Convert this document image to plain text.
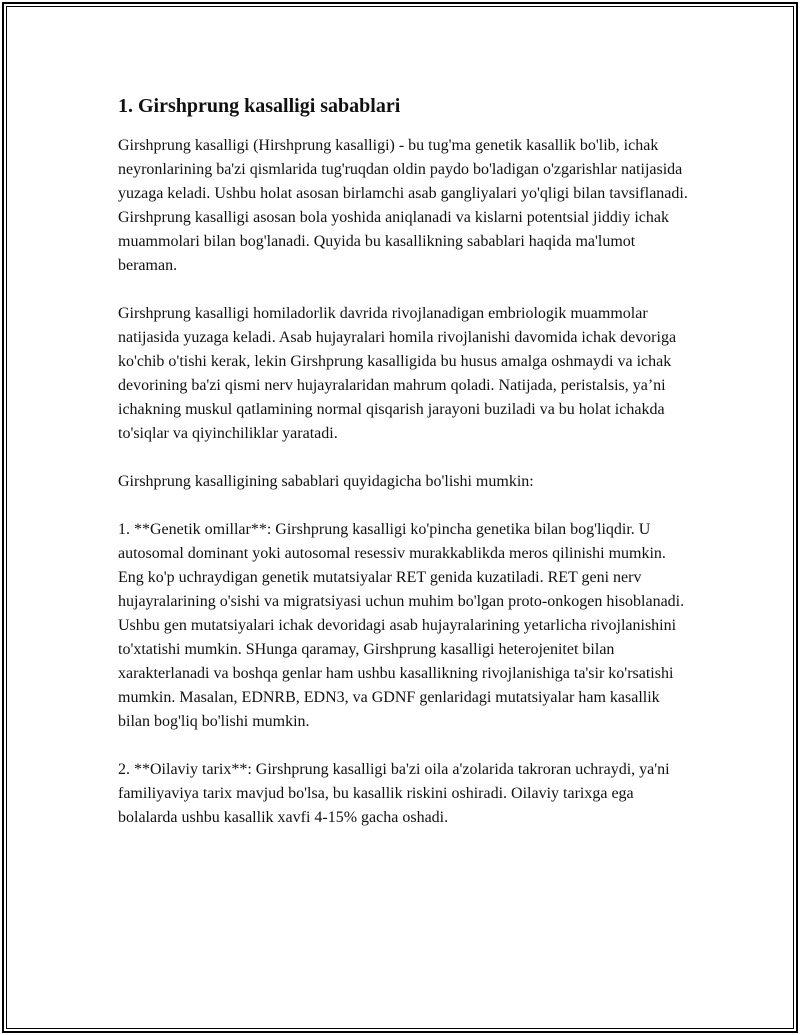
1. Girshprung kasalligi sabablari

Girshprung kasalligi (Hirshprung kasalligi) - bu tug'ma genetik kasallik bo'lib, ichak neyronlarining ba'zi qismlarida tug'ruqdan oldin paydo bo'ladigan o'zgarishlar natijasida yuzaga keladi. Ushbu holat asosan birlamchi asab gangliyalari yo'qligi bilan tavsiflanadi. Girshprung kasalligi asosan bola yoshida aniqlanadi va kislarni potentsial jiddiy ichak muammolari bilan bog'lanadi. Quyida bu kasallikning sabablari haqida ma'lumot beraman.

Girshprung kasalligi homiladorlik davrida rivojlanadigan embriologik muammolar natijasida yuzaga keladi. Asab hujayralari homila rivojlanishi davomida ichak devoriga ko'chib o'tishi kerak, lekin Girshprung kasalligida bu husus amalga oshmaydi va ichak devorining ba'zi qismi nerv hujayralaridan mahrum qoladi. Natijada, peristalsis, ya’ni ichakning muskul qatlamining normal qisqarish jarayoni buziladi va bu holat ichakda to'siqlar va qiyinchiliklar yaratadi.

Girshprung kasalligining sabablari quyidagicha bo'lishi mumkin:

1. **Genetik omillar**: Girshprung kasalligi ko'pincha genetika bilan bog'liqdir. U autosomal dominant yoki autosomal resessiv murakkablikda meros qilinishi mumkin. Eng ko'p uchraydigan genetik mutatsiyalar RET genida kuzatiladi. RET geni nerv hujayralarining o'sishi va migratsiyasi uchun muhim bo'lgan proto-onkogen hisoblanadi. Ushbu gen mutatsiyalari ichak devoridagi asab hujayralarining yetarlicha rivojlanishini to'xtatishi mumkin. SHunga qaramay, Girshprung kasalligi heterojenitet bilan xarakterlanadi va boshqa genlar ham ushbu kasallikning rivojlanishiga ta'sir ko'rsatishi mumkin. Masalan, EDNRB, EDN3, va GDNF genlaridagi mutatsiyalar ham kasallik bilan bog'liq bo'lishi mumkin.

2. **Oilaviy tarix**: Girshprung kasalligi ba'zi oila a'zolarida takroran uchraydi, ya'ni familiyaviya tarix mavjud bo'lsa, bu kasallik riskini oshiradi. Oilaviy tarixga ega bolalarda ushbu kasallik xavfi 4-15% gacha oshadi.
